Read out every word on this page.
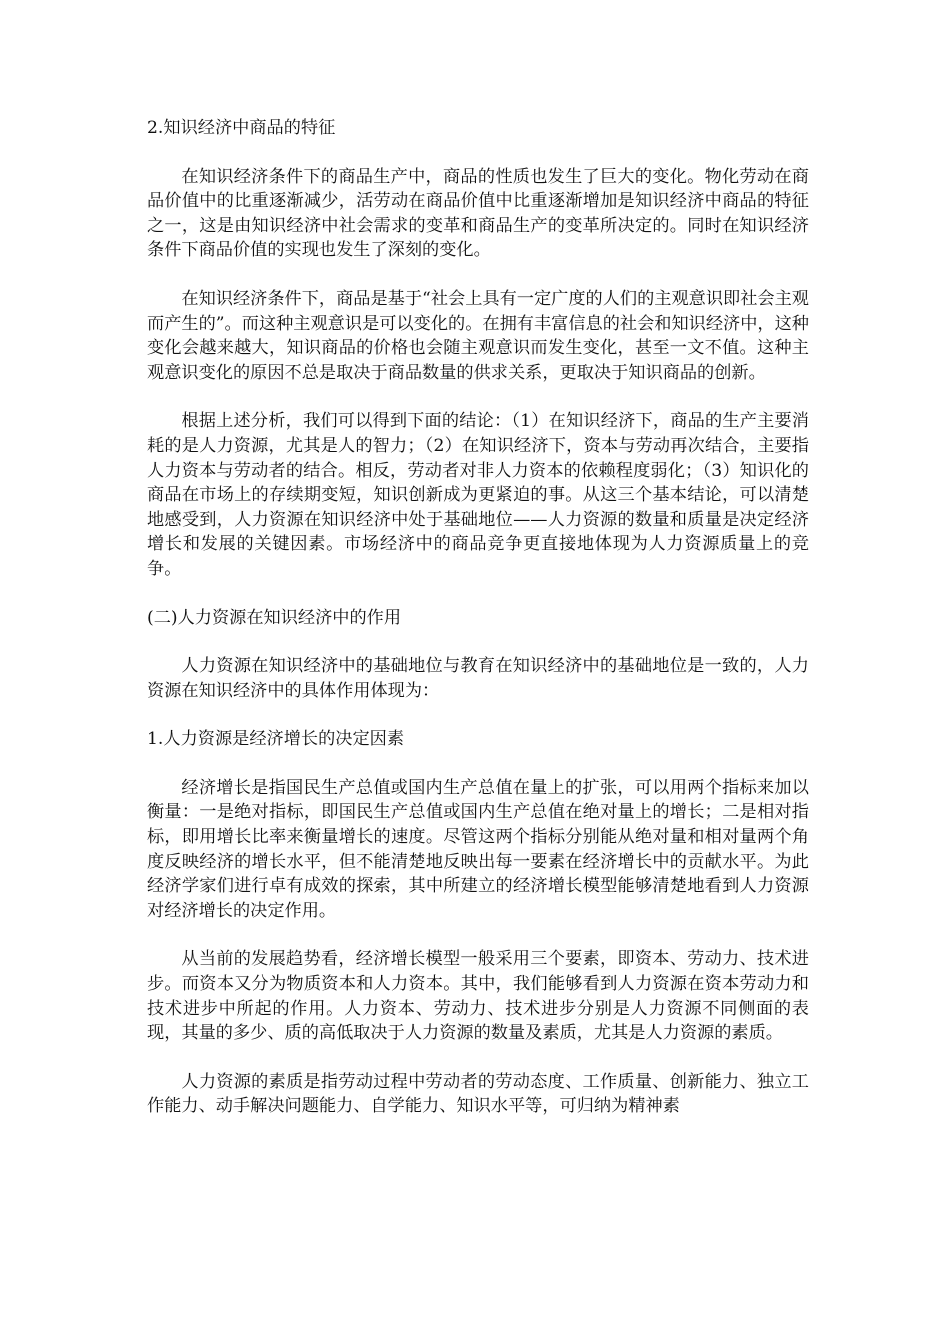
2.知识经济中商品的特征

在知识经济条件下的商品生产中，商品的性质也发生了巨大的变化。物化劳动在商品价值中的比重逐渐减少，活劳动在商品价值中比重逐渐增加是知识经济中商品的特征之一，这是由知识经济中社会需求的变革和商品生产的变革所决定的。同时在知识经济条件下商品价值的实现也发生了深刻的变化。

在知识经济条件下，商品是基于“社会上具有一定广度的人们的主观意识即社会主观而产生的”。而这种主观意识是可以变化的。在拥有丰富信息的社会和知识经济中，这种变化会越来越大，知识商品的价格也会随主观意识而发生变化，甚至一文不值。这种主观意识变化的原因不总是取决于商品数量的供求关系，更取决于知识商品的创新。

根据上述分析，我们可以得到下面的结论：（1）在知识经济下，商品的生产主要消耗的是人力资源，尤其是人的智力；（2）在知识经济下，资本与劳动再次结合，主要指人力资本与劳动者的结合。相反，劳动者对非人力资本的依赖程度弱化；（3）知识化的商品在市场上的存续期变短，知识创新成为更紧迫的事。从这三个基本结论，可以清楚地感受到，人力资源在知识经济中处于基础地位——人力资源的数量和质量是决定经济增长和发展的关键因素。市场经济中的商品竞争更直接地体现为人力资源质量上的竞争。

(二)人力资源在知识经济中的作用

人力资源在知识经济中的基础地位与教育在知识经济中的基础地位是一致的，人力资源在知识经济中的具体作用体现为：

1.人力资源是经济增长的决定因素

经济增长是指国民生产总值或国内生产总值在量上的扩张，可以用两个指标来加以衡量：一是绝对指标，即国民生产总值或国内生产总值在绝对量上的增长；二是相对指标，即用增长比率来衡量增长的速度。尽管这两个指标分别能从绝对量和相对量两个角度反映经济的增长水平，但不能清楚地反映出每一要素在经济增长中的贡献水平。为此经济学家们进行卓有成效的探索，其中所建立的经济增长模型能够清楚地看到人力资源对经济增长的决定作用。

从当前的发展趋势看，经济增长模型一般采用三个要素，即资本、劳动力、技术进步。而资本又分为物质资本和人力资本。其中，我们能够看到人力资源在资本劳动力和技术进步中所起的作用。人力资本、劳动力、技术进步分别是人力资源不同侧面的表现，其量的多少、质的高低取决于人力资源的数量及素质，尤其是人力资源的素质。

人力资源的素质是指劳动过程中劳动者的劳动态度、工作质量、创新能力、独立工作能力、动手解决问题能力、自学能力、知识水平等，可归纳为精神素
